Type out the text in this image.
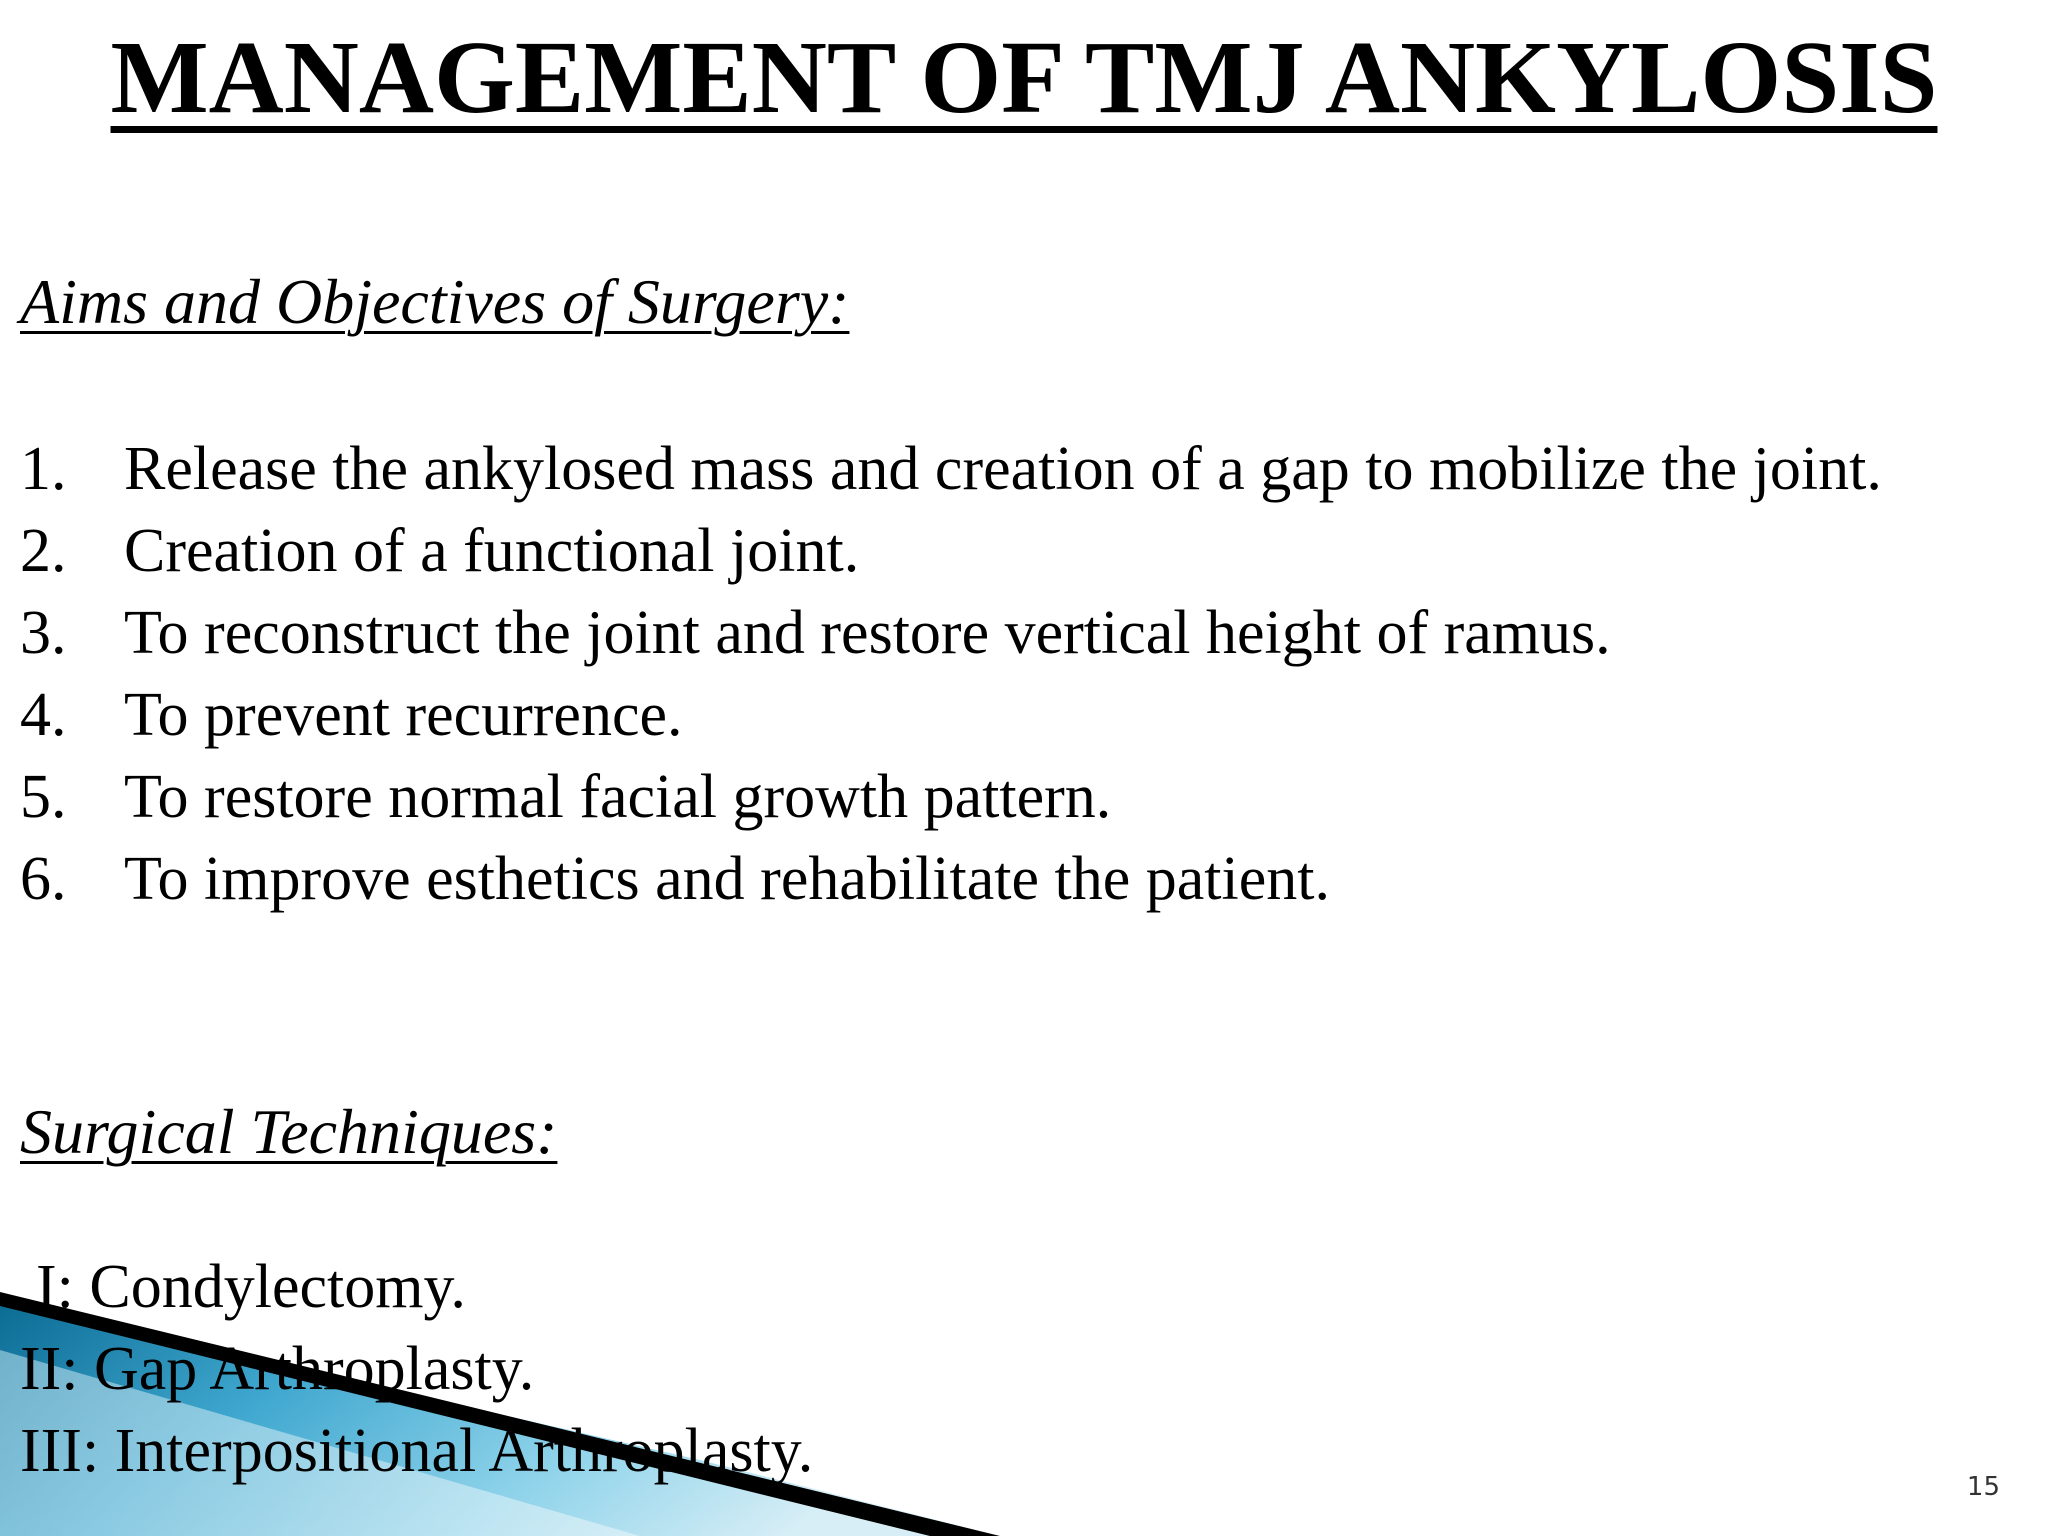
MANAGEMENT OF TMJ ANKYLOSIS
Aims and Objectives of Surgery:
1. Release the ankylosed mass and creation of a gap to mobilize the joint.
2. Creation of a functional joint.
3. To reconstruct the joint and restore vertical height of ramus.
4. To prevent recurrence.
5. To restore normal facial growth pattern.
6. To improve esthetics and rehabilitate the patient.
Surgical Techniques:
I: Condylectomy.
II: Gap Arthroplasty.
III: Interpositional Arthroplasty.
15
